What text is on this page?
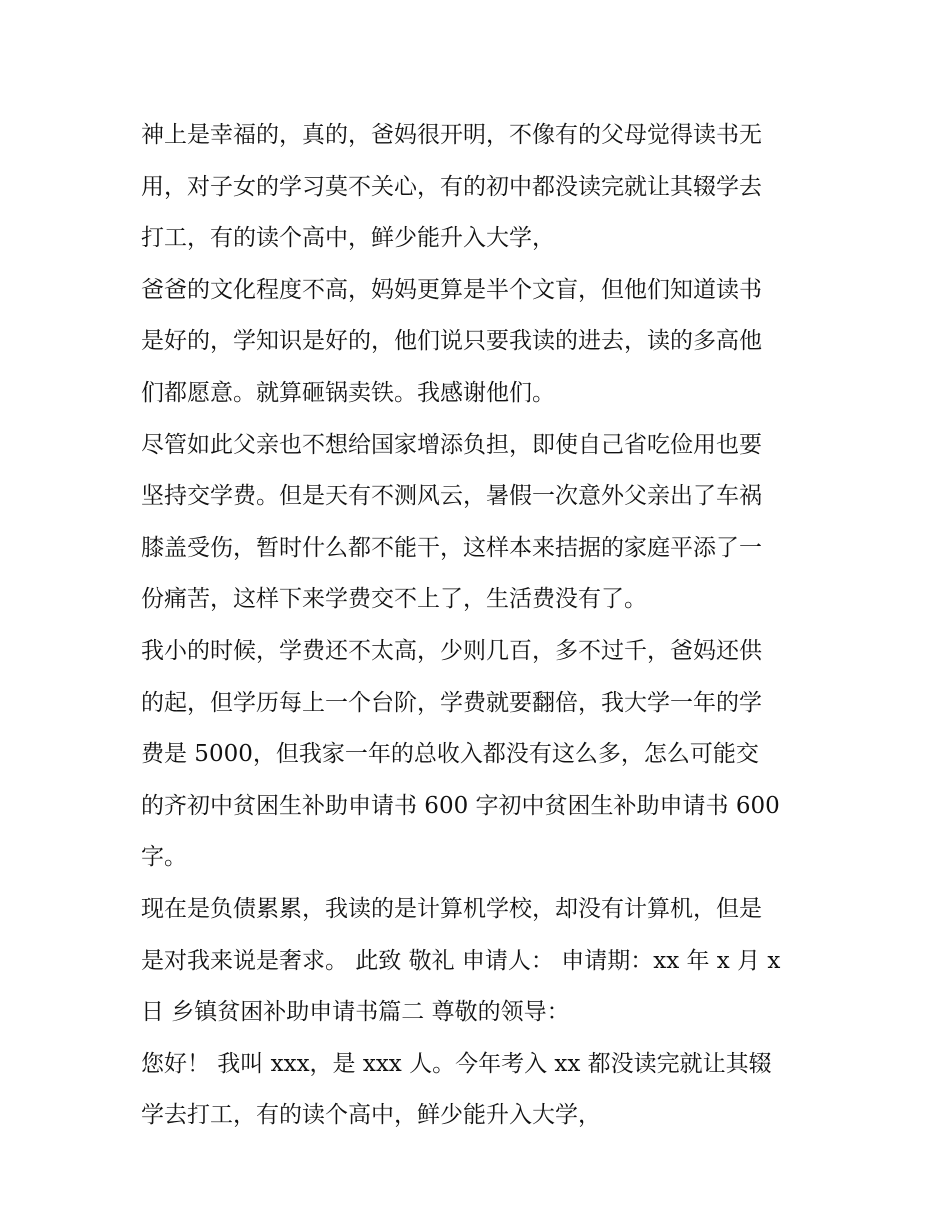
神上是幸福的，真的，爸妈很开明，不像有的父母觉得读书无
用，对子女的学习莫不关心，有的初中都没读完就让其辍学去
打工，有的读个高中，鲜少能升入大学，
爸爸的文化程度不高，妈妈更算是半个文盲，但他们知道读书
是好的，学知识是好的，他们说只要我读的进去，读的多高他
们都愿意。就算砸锅卖铁。我感谢他们。
尽管如此父亲也不想给国家增添负担，即使自己省吃俭用也要
坚持交学费。但是天有不测风云，暑假一次意外父亲出了车祸
膝盖受伤，暂时什么都不能干，这样本来拮据的家庭平添了一
份痛苦，这样下来学费交不上了，生活费没有了。
我小的时候，学费还不太高，少则几百，多不过千，爸妈还供
的起，但学历每上一个台阶，学费就要翻倍，我大学一年的学
费是 5000，但我家一年的总收入都没有这么多，怎么可能交
的齐初中贫困生补助申请书 600 字初中贫困生补助申请书 600
字。
现在是负债累累，我读的是计算机学校，却没有计算机，但是
是对我来说是奢求。 此致 敬礼 申请人： 申请期：xx 年 x 月 x
日 乡镇贫困补助申请书篇二 尊敬的领导：
您好！ 我叫 xxx，是 xxx 人。今年考入 xx 都没读完就让其辍
学去打工，有的读个高中，鲜少能升入大学，
